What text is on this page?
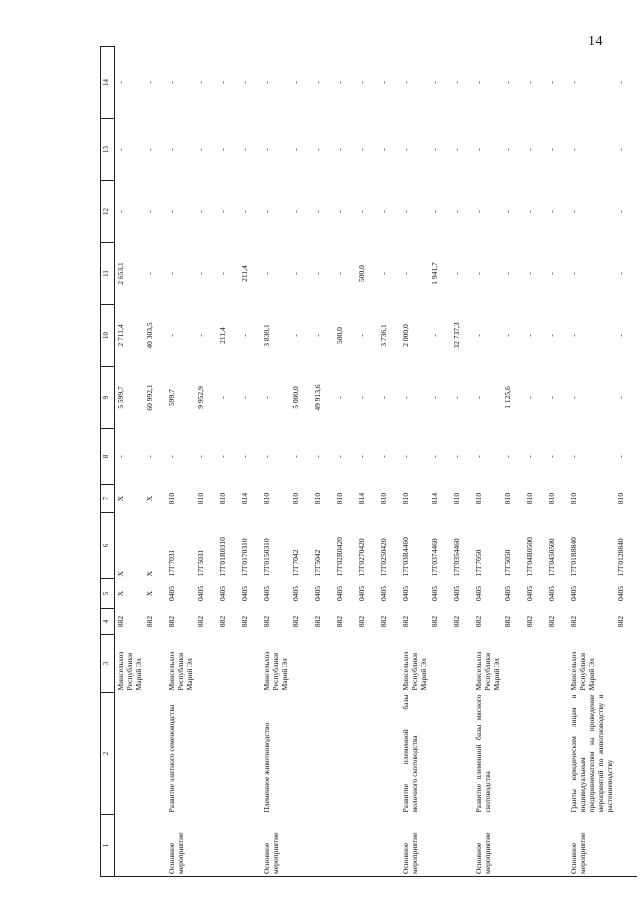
14
1	2	3	4	5	6	7	8	9	10	11	12	13	14
		Минсельхоз Республики Марий Эл	882	X	X	X	-	5 599,7	2 711,4	2 653,1	-	-	-
			882	X	X	X	-	60 992,1	40 303,5	-	-	-	-
Основное мероприятие	Развитие элитного семеноводства	Минсельхоз Республики Марий Эл	882	0405	17Г7031	810	-	599,7	-	-	-	-	-
			882	0405	17Г5031	810	-	9 952,9	-	-	-	-	-
			882	0405	17Г01R0310	810	-	-	211,4	-	-	-	-
			882	0405	17Г0170310	814	-	-	-	211,4	-	-	-
Основное мероприятие	Племенное животноводство	Минсельхоз Республики Марий Эл	882	0405	17Г0150310	810	-	-	3 830,1	-	-	-	-
			882	0405	17Г7042	810	-	5 000,0	-	-	-	-	-
			882	0405	17Г5042	810	-	49 913,6	-	-	-	-	-
			882	0405	17Г02R0420	810	-	-	500,0	-	-	-	-
			882	0405	17Г0270420	814	-	-	-	500,0	-	-	-
			882	0405	17Г0250420	810	-	-	3 736,1	-	-	-	-
Основное мероприятие	Развитие племенной базы молочного скотоводства	Минсельхоз Республики Марий Эл	882	0405	17Г03R4460	810	-	-	2 000,0	-	-	-	-
			882	0405	17Г0374460	814	-	-	-	1 941,7	-	-	-
			882	0405	17Г0354460	810	-	-	32 737,3	-	-	-	-
Основное мероприятие	Развитие племенной базы мясного скотоводства	Минсельхоз Республики Марий Эл	882	0405	17Г7050	810	-	-	-	-	-	-	-
			882	0405	17Г5050	810	-	1 125,6	-	-	-	-	-
			882	0405	17Г04R0500	810	-	-	-	-	-	-	-
			882	0405	17Г0450500	810	-	-	-	-	-	-	-
Основное мероприятие	Гранты юридическим лицам и индивидуальным предпринимателям на проведение мероприятий по животноводству и растениеводству	Минсельхоз Республики Марий Эл	882	0405	17Г01R8840	810	-	-	-	-	-	-	-
			882	0405	17Г0128840	810	-	-	-	-	-	-	-
